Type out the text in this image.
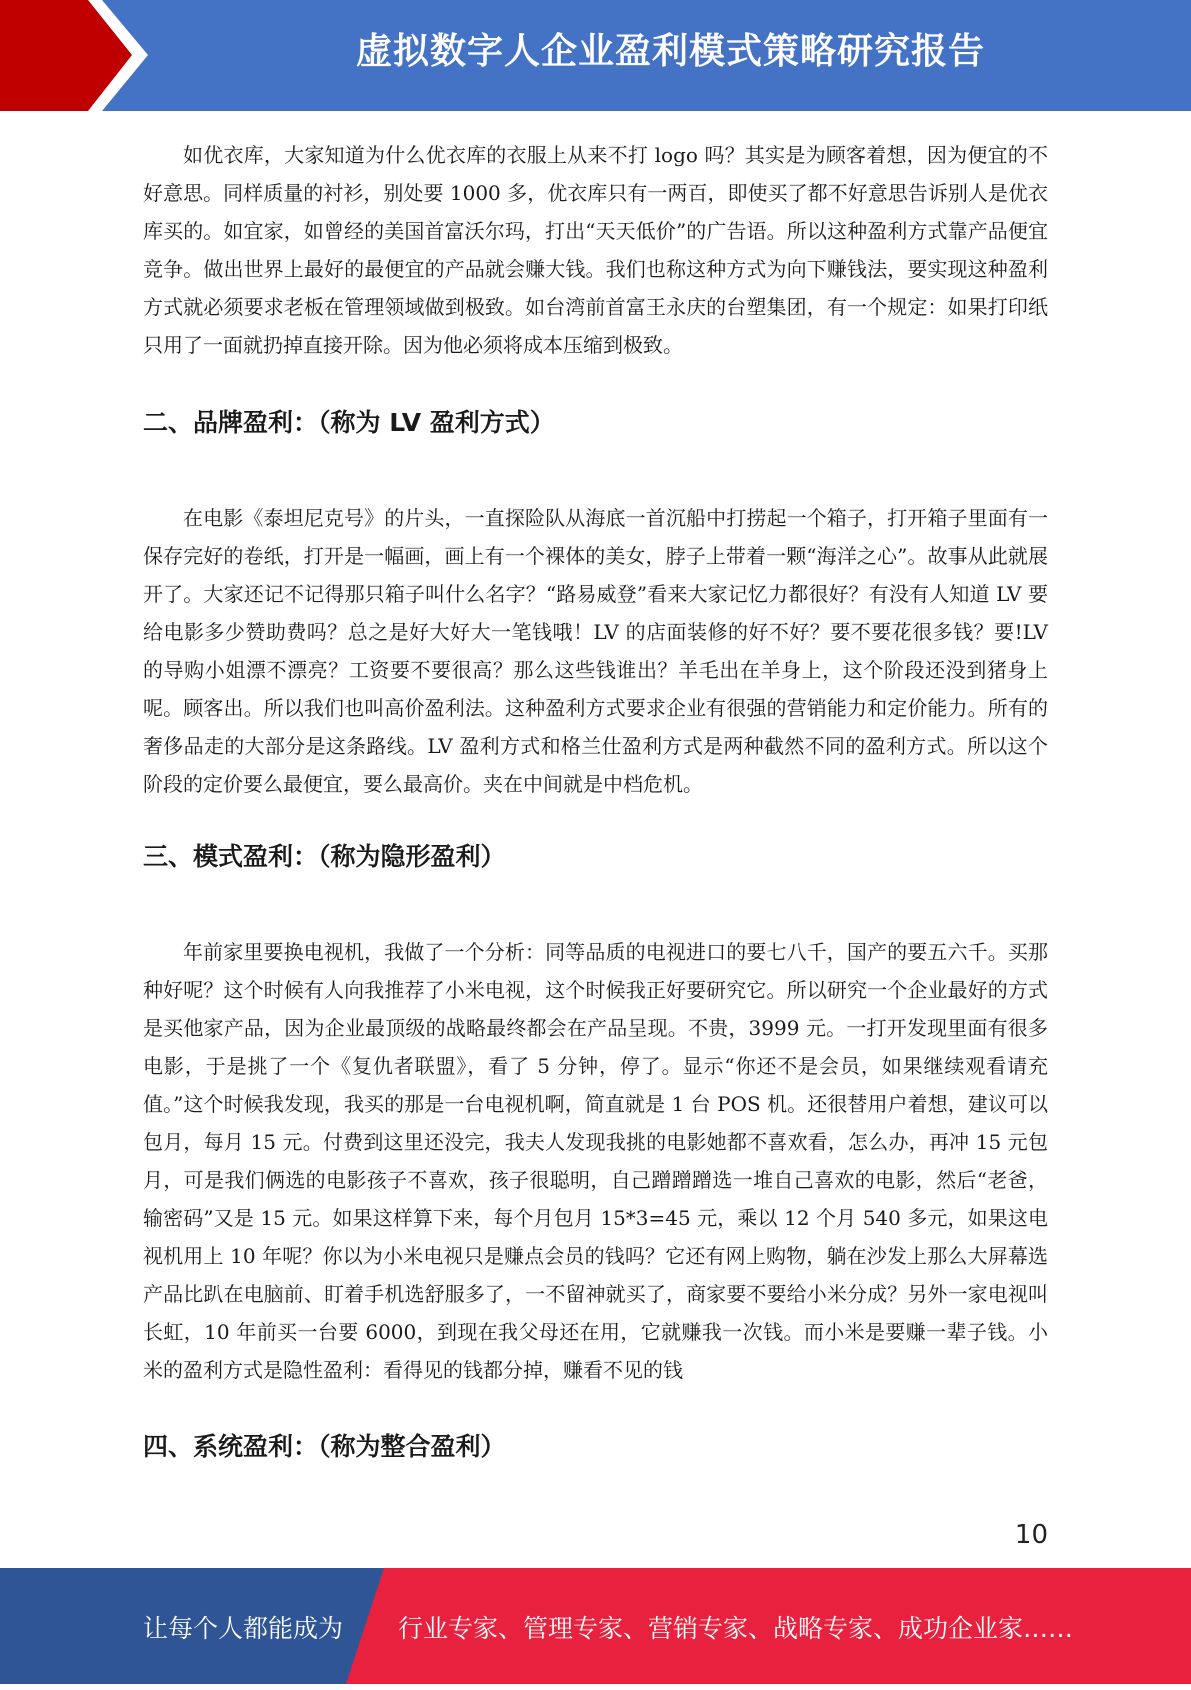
虚拟数字人企业盈利模式策略研究报告

如优衣库，大家知道为什么优衣库的衣服上从来不打 logo 吗？其实是为顾客着想，因为便宜的不好意思。同样质量的衬衫，别处要 1000 多，优衣库只有一两百，即使买了都不好意思告诉别人是优衣库买的。如宜家，如曾经的美国首富沃尔玛，打出“天天低价”的广告语。所以这种盈利方式靠产品便宜竞争。做出世界上最好的最便宜的产品就会赚大钱。我们也称这种方式为向下赚钱法，要实现这种盈利方式就必须要求老板在管理领域做到极致。如台湾前首富王永庆的台塑集团，有一个规定：如果打印纸只用了一面就扔掉直接开除。因为他必须将成本压缩到极致。

二、品牌盈利：（称为 LV 盈利方式）

在电影《泰坦尼克号》的片头，一直探险队从海底一首沉船中打捞起一个箱子，打开箱子里面有一保存完好的卷纸，打开是一幅画，画上有一个裸体的美女，脖子上带着一颗“海洋之心”。故事从此就展开了。大家还记不记得那只箱子叫什么名字？“路易威登”看来大家记忆力都很好？有没有人知道 LV 要给电影多少赞助费吗？总之是好大好大一笔钱哦！LV 的店面装修的好不好？要不要花很多钱？要!LV 的导购小姐漂不漂亮？工资要不要很高？那么这些钱谁出？羊毛出在羊身上，这个阶段还没到猪身上呢。顾客出。所以我们也叫高价盈利法。这种盈利方式要求企业有很强的营销能力和定价能力。所有的奢侈品走的大部分是这条路线。LV 盈利方式和格兰仕盈利方式是两种截然不同的盈利方式。所以这个阶段的定价要么最便宜，要么最高价。夹在中间就是中档危机。

三、模式盈利：（称为隐形盈利）

年前家里要换电视机，我做了一个分析：同等品质的电视进口的要七八千，国产的要五六千。买那种好呢？这个时候有人向我推荐了小米电视，这个时候我正好要研究它。所以研究一个企业最好的方式是买他家产品，因为企业最顶级的战略最终都会在产品呈现。不贵，3999 元。一打开发现里面有很多电影，于是挑了一个《复仇者联盟》，看了 5 分钟，停了。显示“你还不是会员，如果继续观看请充值。”这个时候我发现，我买的那是一台电视机啊，简直就是 1 台 POS 机。还很替用户着想，建议可以包月，每月 15 元。付费到这里还没完，我夫人发现我挑的电影她都不喜欢看，怎么办，再冲 15 元包月，可是我们俩选的电影孩子不喜欢，孩子很聪明，自己蹭蹭蹭选一堆自己喜欢的电影，然后“老爸，输密码”又是 15 元。如果这样算下来，每个月包月 15*3=45 元，乘以 12 个月 540 多元，如果这电视机用上 10 年呢？你以为小米电视只是赚点会员的钱吗？它还有网上购物，躺在沙发上那么大屏幕选产品比趴在电脑前、盯着手机选舒服多了，一不留神就买了，商家要不要给小米分成？另外一家电视叫长虹，10 年前买一台要 6000，到现在我父母还在用，它就赚我一次钱。而小米是要赚一辈子钱。小米的盈利方式是隐性盈利：看得见的钱都分掉，赚看不见的钱

四、系统盈利：（称为整合盈利）
10
让每个人都能成为 行业专家、管理专家、营销专家、战略专家、成功企业家……
